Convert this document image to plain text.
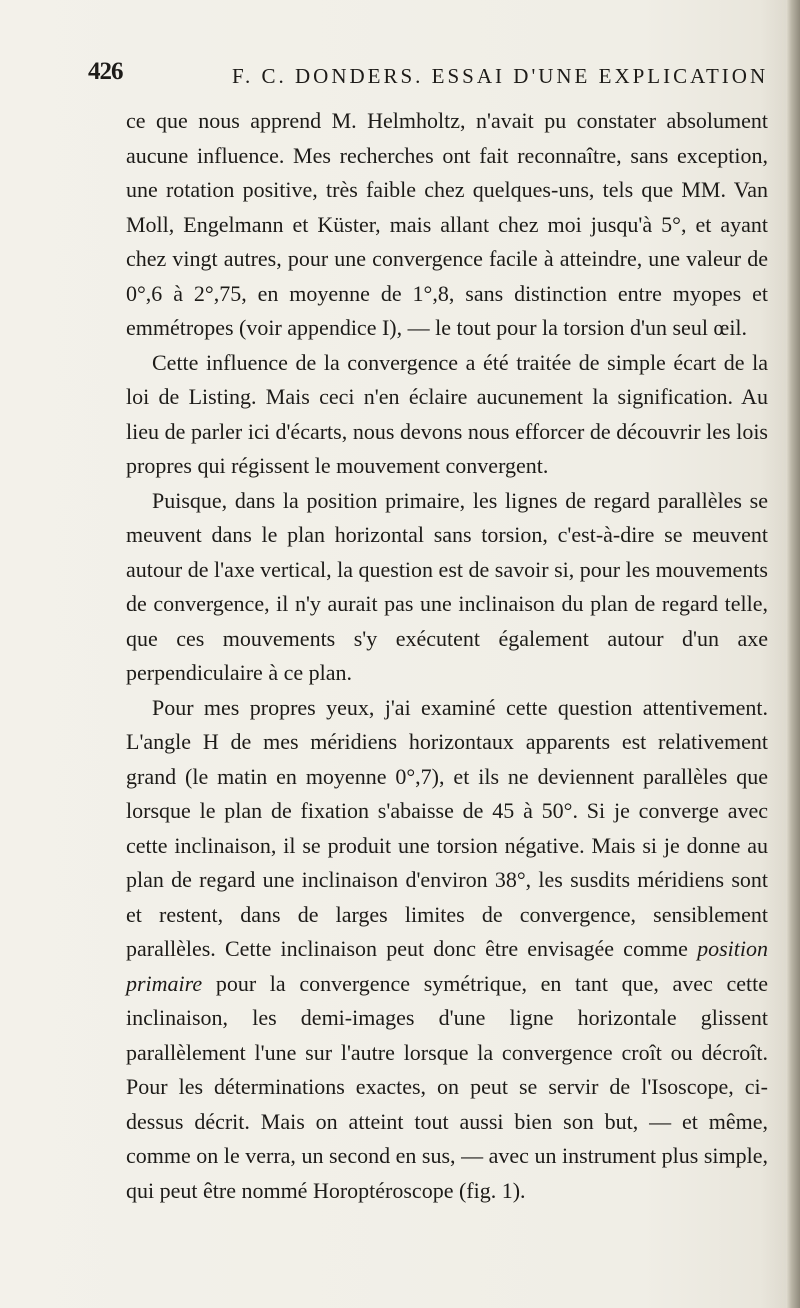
426	F. C. DONDERS. ESSAI D'UNE EXPLICATION

ce que nous apprend M. Helmholtz, n'avait pu constater absolument aucune influence. Mes recherches ont fait reconnaître, sans exception, une rotation positive, très faible chez quelques-uns, tels que MM. Van Moll, Engelmann et Küster, mais allant chez moi jusqu'à 5°, et ayant chez vingt autres, pour une convergence facile à atteindre, une valeur de 0°,6 à 2°,75, en moyenne de 1°,8, sans distinction entre myopes et emmétropes (voir appendice I), — le tout pour la torsion d'un seul œil.

Cette influence de la convergence a été traitée de simple écart de la loi de Listing. Mais ceci n'en éclaire aucunement la signification. Au lieu de parler ici d'écarts, nous devons nous efforcer de découvrir les lois propres qui régissent le mouvement convergent.

Puisque, dans la position primaire, les lignes de regard parallèles se meuvent dans le plan horizontal sans torsion, c'est-à-dire se meuvent autour de l'axe vertical, la question est de savoir si, pour les mouvements de convergence, il n'y aurait pas une inclinaison du plan de regard telle, que ces mouvements s'y exécutent également autour d'un axe perpendiculaire à ce plan.

Pour mes propres yeux, j'ai examiné cette question attentivement. L'angle H de mes méridiens horizontaux apparents est relativement grand (le matin en moyenne 0°,7), et ils ne deviennent parallèles que lorsque le plan de fixation s'abaisse de 45 à 50°. Si je converge avec cette inclinaison, il se produit une torsion négative. Mais si je donne au plan de regard une inclinaison d'environ 38°, les susdits méridiens sont et restent, dans de larges limites de convergence, sensiblement parallèles. Cette inclinaison peut donc être envisagée comme position primaire pour la convergence symétrique, en tant que, avec cette inclinaison, les demi-images d'une ligne horizontale glissent parallèlement l'une sur l'autre lorsque la convergence croît ou décroît. Pour les déterminations exactes, on peut se servir de l'Isoscope, ci-dessus décrit. Mais on atteint tout aussi bien son but, — et même, comme on le verra, un second en sus, — avec un instrument plus simple, qui peut être nommé Horoptéroscope (fig. 1).
